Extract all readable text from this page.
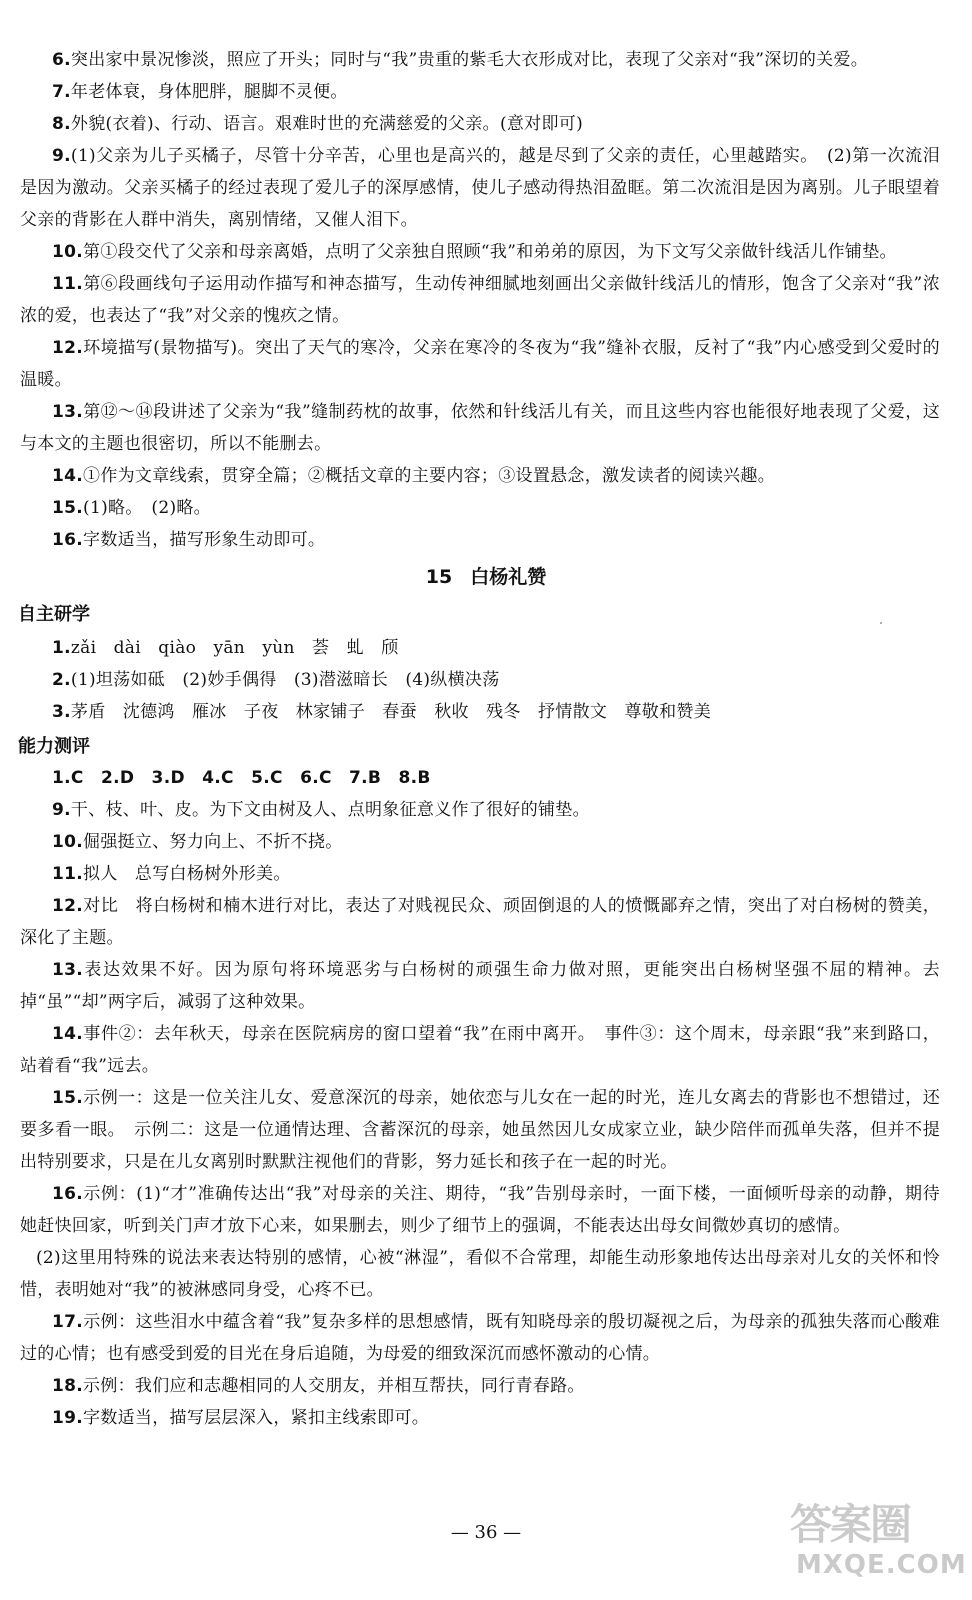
6.突出家中景况惨淡，照应了开头；同时与“我”贵重的紫毛大衣形成对比，表现了父亲对“我”深切的关爱。
7.年老体衰，身体肥胖，腿脚不灵便。
8.外貌(衣着)、行动、语言。艰难时世的充满慈爱的父亲。(意对即可)
9.(1)父亲为儿子买橘子，尽管十分辛苦，心里也是高兴的，越是尽到了父亲的责任，心里越踏实。　(2)第一次流泪是因为激动。父亲买橘子的经过表现了爱儿子的深厚感情，使儿子感动得热泪盈眶。第二次流泪是因为离别。儿子眼望着父亲的背影在人群中消失，离别情绪，又催人泪下。
10.第①段交代了父亲和母亲离婚，点明了父亲独自照顾“我”和弟弟的原因，为下文写父亲做针线活儿作铺垫。
11.第⑥段画线句子运用动作描写和神态描写，生动传神细腻地刻画出父亲做针线活儿的情形，饱含了父亲对“我”浓浓的爱，也表达了“我”对父亲的愧疚之情。
12.环境描写(景物描写)。突出了天气的寒冷，父亲在寒冷的冬夜为“我”缝补衣服，反衬了“我”内心感受到父爱时的温暖。
13.第⑫～⑭段讲述了父亲为“我”缝制药枕的故事，依然和针线活儿有关，而且这些内容也能很好地表现了父爱，这与本文的主题也很密切，所以不能删去。
14.①作为文章线索，贯穿全篇；②概括文章的主要内容；③设置悬念，激发读者的阅读兴趣。
15.(1)略。　(2)略。
16.字数适当，描写形象生动即可。
15 白杨礼赞
自主研学
1.zǎi　dài　qiào　yān　yùn　荟　虬　颀
2.(1)坦荡如砥　(2)妙手偶得　(3)潜滋暗长　(4)纵横决荡
3.茅盾　沈德鸿　雁冰　子夜　林家铺子　春蚕　秋收　残冬　抒情散文　尊敬和赞美
能力测评
1.C　2.D　3.D　4.C　5.C　6.C　7.B　8.B
9.干、枝、叶、皮。为下文由树及人、点明象征意义作了很好的铺垫。
10.倔强挺立、努力向上、不折不挠。
11.拟人　总写白杨树外形美。
12.对比　将白杨树和楠木进行对比，表达了对贱视民众、顽固倒退的人的愤慨鄙弃之情，突出了对白杨树的赞美，深化了主题。
13.表达效果不好。因为原句将环境恶劣与白杨树的顽强生命力做对照，更能突出白杨树坚强不屈的精神。去掉“虽”“却”两字后，减弱了这种效果。
14.事件②：去年秋天，母亲在医院病房的窗口望着“我”在雨中离开。　事件③：这个周末，母亲跟“我”来到路口，站着看“我”远去。
15.示例一：这是一位关注儿女、爱意深沉的母亲，她依恋与儿女在一起的时光，连儿女离去的背影也不想错过，还要多看一眼。　示例二：这是一位通情达理、含蓄深沉的母亲，她虽然因儿女成家立业，缺少陪伴而孤单失落，但并不提出特别要求，只是在儿女离别时默默注视他们的背影，努力延长和孩子在一起的时光。
16.示例：(1)“才”准确传达出“我”对母亲的关注、期待，“我”告别母亲时，一面下楼，一面倾听母亲的动静，期待她赶快回家，听到关门声才放下心来，如果删去，则少了细节上的强调，不能表达出母女间微妙真切的感情。
(2)这里用特殊的说法来表达特别的感情，心被“淋湿”，看似不合常理，却能生动形象地传达出母亲对儿女的关怀和怜惜，表明她对“我”的被淋感同身受，心疼不已。
17.示例：这些泪水中蕴含着“我”复杂多样的思想感情，既有知晓母亲的殷切凝视之后，为母亲的孤独失落而心酸难过的心情；也有感受到爱的目光在身后追随，为母爱的细致深沉而感怀激动的心情。
18.示例：我们应和志趣相同的人交朋友，并相互帮扶，同行青春路。
19.字数适当，描写层层深入，紧扣主线索即可。
— 36 —	答案圈
MXQE.COM
